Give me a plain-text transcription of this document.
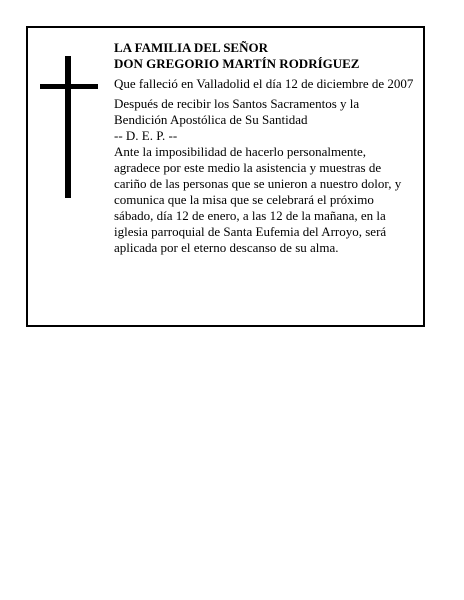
LA FAMILIA DEL SEÑOR

DON GREGORIO MARTÍN RODRÍGUEZ

Que falleció en Valladolid el día 12 de diciembre de 2007

Después de recibir los Santos Sacramentos y la Bendición Apostólica de Su Santidad

-- D. E. P. --

Ante la imposibilidad de hacerlo personalmente, agradece por este medio la asistencia y muestras de cariño de las personas que se unieron a nuestro dolor, y comunica que la misa que se celebrará el próximo sábado, día 12 de enero, a las 12 de la mañana, en la iglesia parroquial de Santa Eufemia del Arroyo, será aplicada por el eterno descanso de su alma.
